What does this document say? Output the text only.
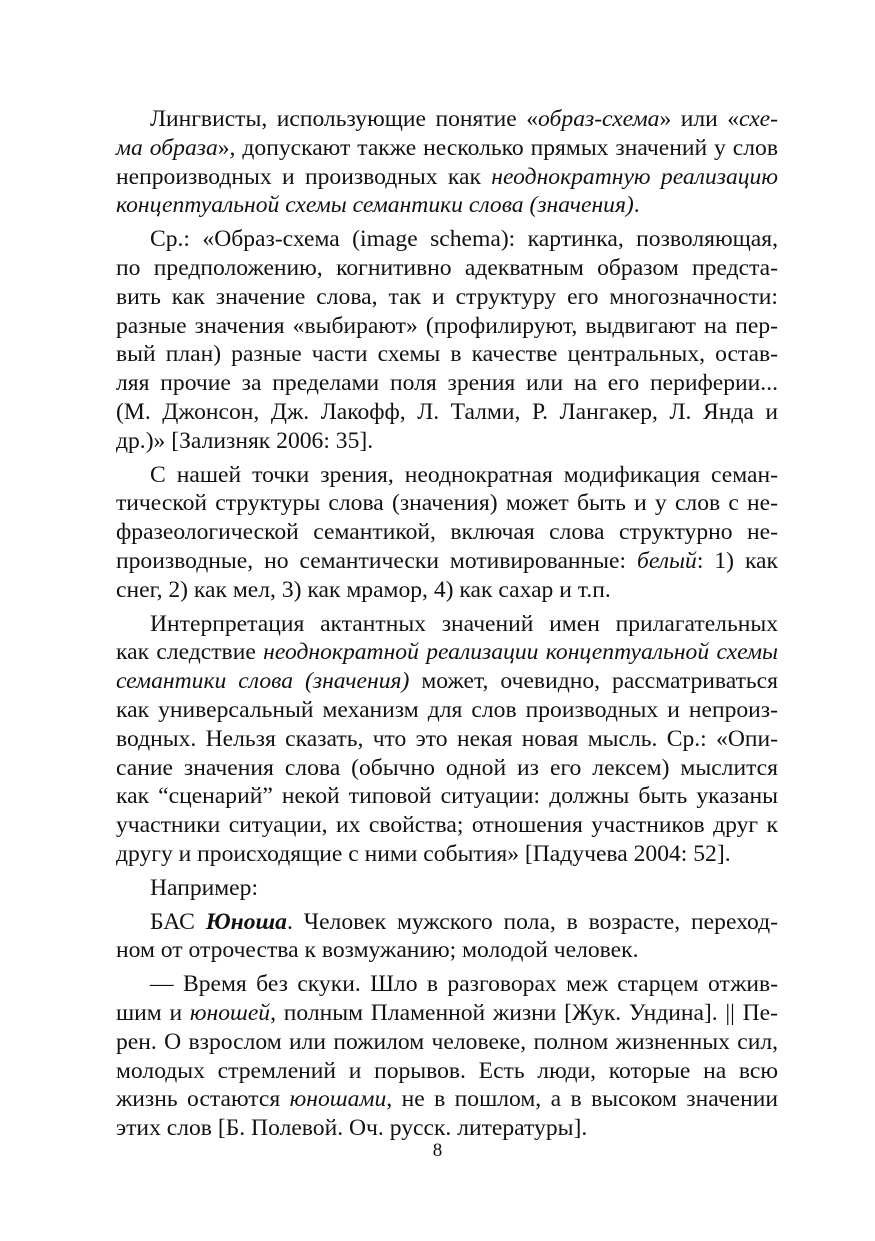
Лингвисты, использующие понятие «образ-схема» или «схе-
ма образа», допускают также несколько прямых значений у слов
непроизводных и производных как неоднократную реализацию
концептуальной схемы семантики слова (значения).
Ср.: «Образ-схема (image schema): картинка, позволяющая,
по предположению, когнитивно адекватным образом предста-
вить как значение слова, так и структуру его многозначности:
разные значения «выбирают» (профилируют, выдвигают на пер-
вый план) разные части схемы в качестве центральных, остав-
ляя прочие за пределами поля зрения или на его периферии...
(М. Джонсон, Дж. Лакофф, Л. Талми, Р. Лангакер, Л. Янда и
др.)» [Зализняк 2006: 35].
С нашей точки зрения, неоднократная модификация семан-
тической структуры слова (значения) может быть и у слов с не-
фразеологической семантикой, включая слова структурно не-
производные, но семантически мотивированные: белый: 1) как
снег, 2) как мел, 3) как мрамор, 4) как сахар и т.п.
Интерпретация актантных значений имен прилагательных
как следствие неоднократной реализации концептуальной схемы
семантики слова (значения) может, очевидно, рассматриваться
как универсальный механизм для слов производных и непроиз-
водных. Нельзя сказать, что это некая новая мысль. Ср.: «Опи-
сание значения слова (обычно одной из его лексем) мыслится
как “сценарий” некой типовой ситуации: должны быть указаны
участники ситуации, их свойства; отношения участников друг к
другу и происходящие с ними события» [Падучева 2004: 52].
Например:
БАС Юноша. Человек мужского пола, в возрасте, переход-
ном от отрочества к возмужанию; молодой человек.
— Время без скуки. Шло в разговорах меж старцем отжив-
шим и юношей, полным Пламенной жизни [Жук. Ундина]. || Пе-
рен. О взрослом или пожилом человеке, полном жизненных сил,
молодых стремлений и порывов. Есть люди, которые на всю
жизнь остаются юношами, не в пошлом, а в высоком значении
этих слов [Б. Полевой. Оч. русск. литературы].
8
